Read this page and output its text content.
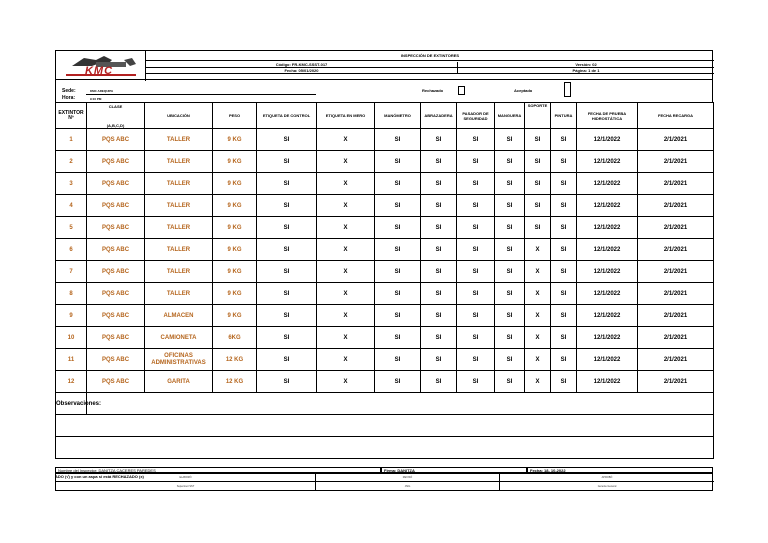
KMC
INSPECCIÓN DE EXTINTORES
Código: FR-KMC-SSST-017	Versión: 02
Fecha: 05/01/2020	Página: 1 de 1
Sede:	KMC AREQUIPA
Hora:	9:10 PM
Rechazado	Aceptado
EXTINTOR Nº	CLASE
(A,B,C,D)	UBICACIÓN	PESO	ETIQUETA DE CONTROL	ETIQUETA EN MERO	MANÓMETRO	ABRAZADERA	PASADOR DE SEGURIDAD	MANGUERA	SOPORTE	PINTURA	FECHA DE PRUEBA HIDROSTÁTICA	FECHA RECARGA
1	PQS ABC	TALLER	9 KG	SI	X	SI	SI	SI	SI	SI	SI	12/1/2022	2/1/2021
2	PQS ABC	TALLER	9 KG	SI	X	SI	SI	SI	SI	SI	SI	12/1/2022	2/1/2021
3	PQS ABC	TALLER	9 KG	SI	X	SI	SI	SI	SI	SI	SI	12/1/2022	2/1/2021
4	PQS ABC	TALLER	9 KG	SI	X	SI	SI	SI	SI	SI	SI	12/1/2022	2/1/2021
5	PQS ABC	TALLER	9 KG	SI	X	SI	SI	SI	SI	SI	SI	12/1/2022	2/1/2021
6	PQS ABC	TALLER	9 KG	SI	X	SI	SI	SI	SI	X	SI	12/1/2022	2/1/2021
7	PQS ABC	TALLER	9 KG	SI	X	SI	SI	SI	SI	X	SI	12/1/2022	2/1/2021
8	PQS ABC	TALLER	9 KG	SI	X	SI	SI	SI	SI	X	SI	12/1/2022	2/1/2021
9	PQS ABC	ALMACEN	9 KG	SI	X	SI	SI	SI	SI	X	SI	12/1/2022	2/1/2021
10	PQS ABC	CAMIONETA	6KG	SI	X	SI	SI	SI	SI	X	SI	12/1/2022	2/1/2021
11	PQS ABC	OFICINAS ADMINISTRATIVAS	12 KG	SI	X	SI	SI	SI	SI	X	SI	12/1/2022	2/1/2021
12	PQS ABC	GARITA	12 KG	SI	X	SI	SI	SI	SI	X	SI	12/1/2022	2/1/2021
Observaciones:													

Nombre del Inspector: DANITZA CACERES PAREDES	Firma: DANITZA	Fecha: 18- 10-2022
ADO (√) y con un aspa si está RECHAZADO (x)	ELABORÓ	REVISÓ	APROBÓ
Supervisor SST	JSIG	Gerente General
